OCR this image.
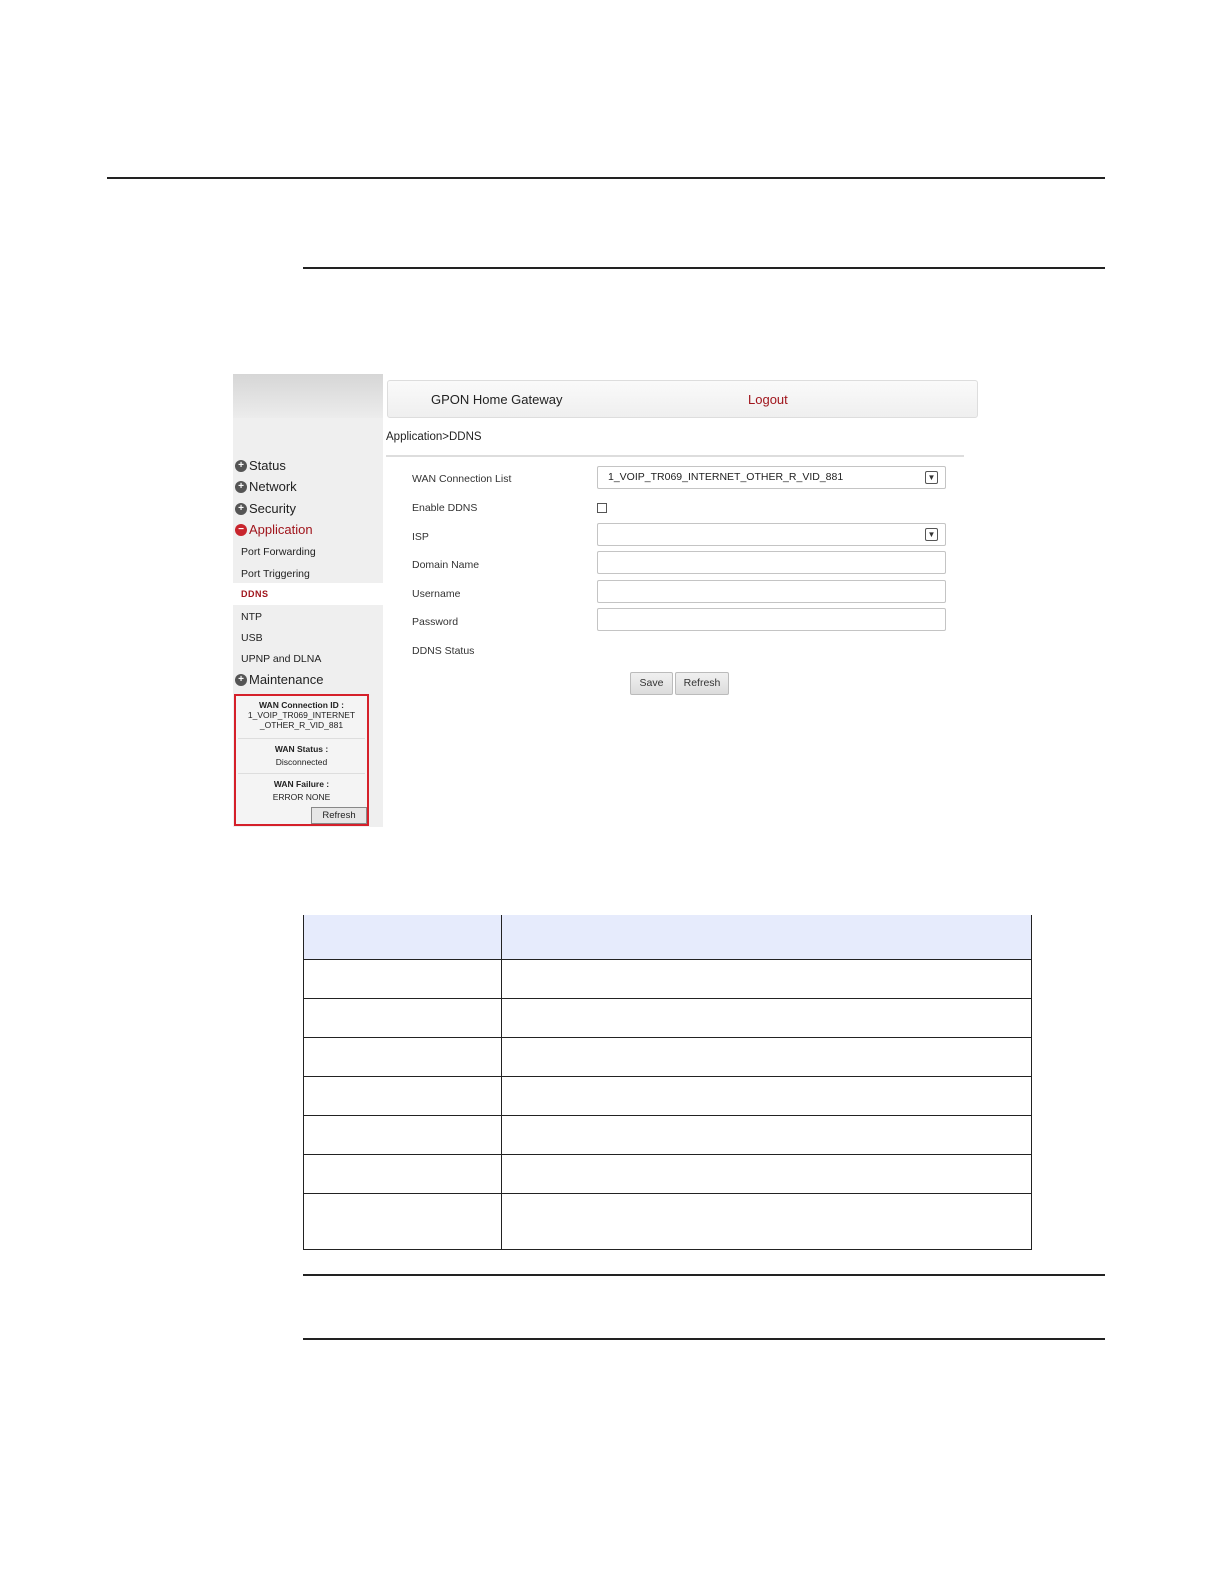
+ Status
+ Network
+ Security
− Application
Port Forwarding
Port Triggering
DDNS
NTP
USB
UPNP and DLNA
+ Maintenance
WAN Connection ID :
1_VOIP_TR069_INTERNET
_OTHER_R_VID_881
WAN Status :
Disconnected
WAN Failure :
ERROR NONE
Refresh
GPON Home Gateway	Logout
Application>DDNS
WAN Connection List	1_VOIP_TR069_INTERNET_OTHER_R_VID_881	▼
Enable DDNS
ISP	▼
Domain Name
Username
Password
DDNS Status
Save	Refresh
